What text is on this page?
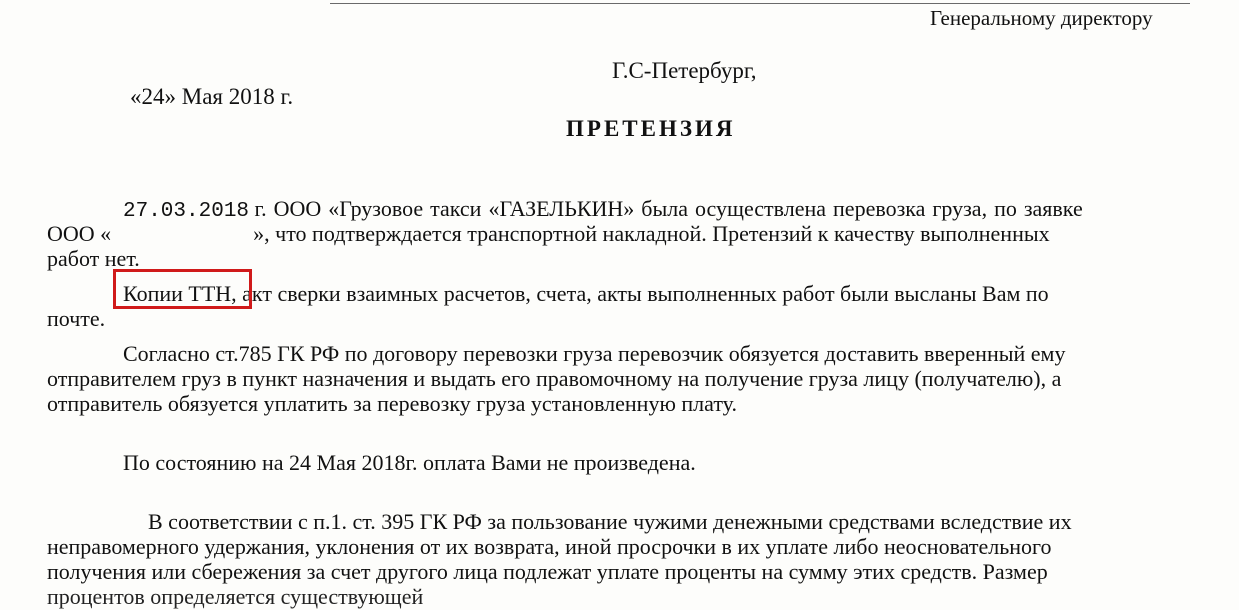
Генеральному директору
Г.С-Петербург,
«24» Мая 2018 г.
ПРЕТЕНЗИЯ
27.03.2018 г. ООО «Грузовое такси «ГАЗЕЛЬКИН» была осуществлена перевозка груза, по заявке
ООО «	», что подтверждается транспортной накладной. Претензий к качеству выполненных
работ нет.
Копии ТТН, акт сверки взаимных расчетов, счета, акты выполненных работ были высланы Вам по
почте.
Согласно ст.785 ГК РФ по договору перевозки груза перевозчик обязуется доставить вверенный ему
отправителем груз в пункт назначения и выдать его правомочному на получение груза лицу (получателю), а
отправитель обязуется уплатить за перевозку груза установленную плату.
По состоянию на 24 Мая 2018г. оплата Вами не произведена.
В соответствии с п.1. ст. 395 ГК РФ за пользование чужими денежными средствами вследствие их
неправомерного удержания, уклонения от их возврата, иной просрочки в их уплате либо неосновательного
получения или сбережения за счет другого лица подлежат уплате проценты на сумму этих средств. Размер
процентов определяется существующей
